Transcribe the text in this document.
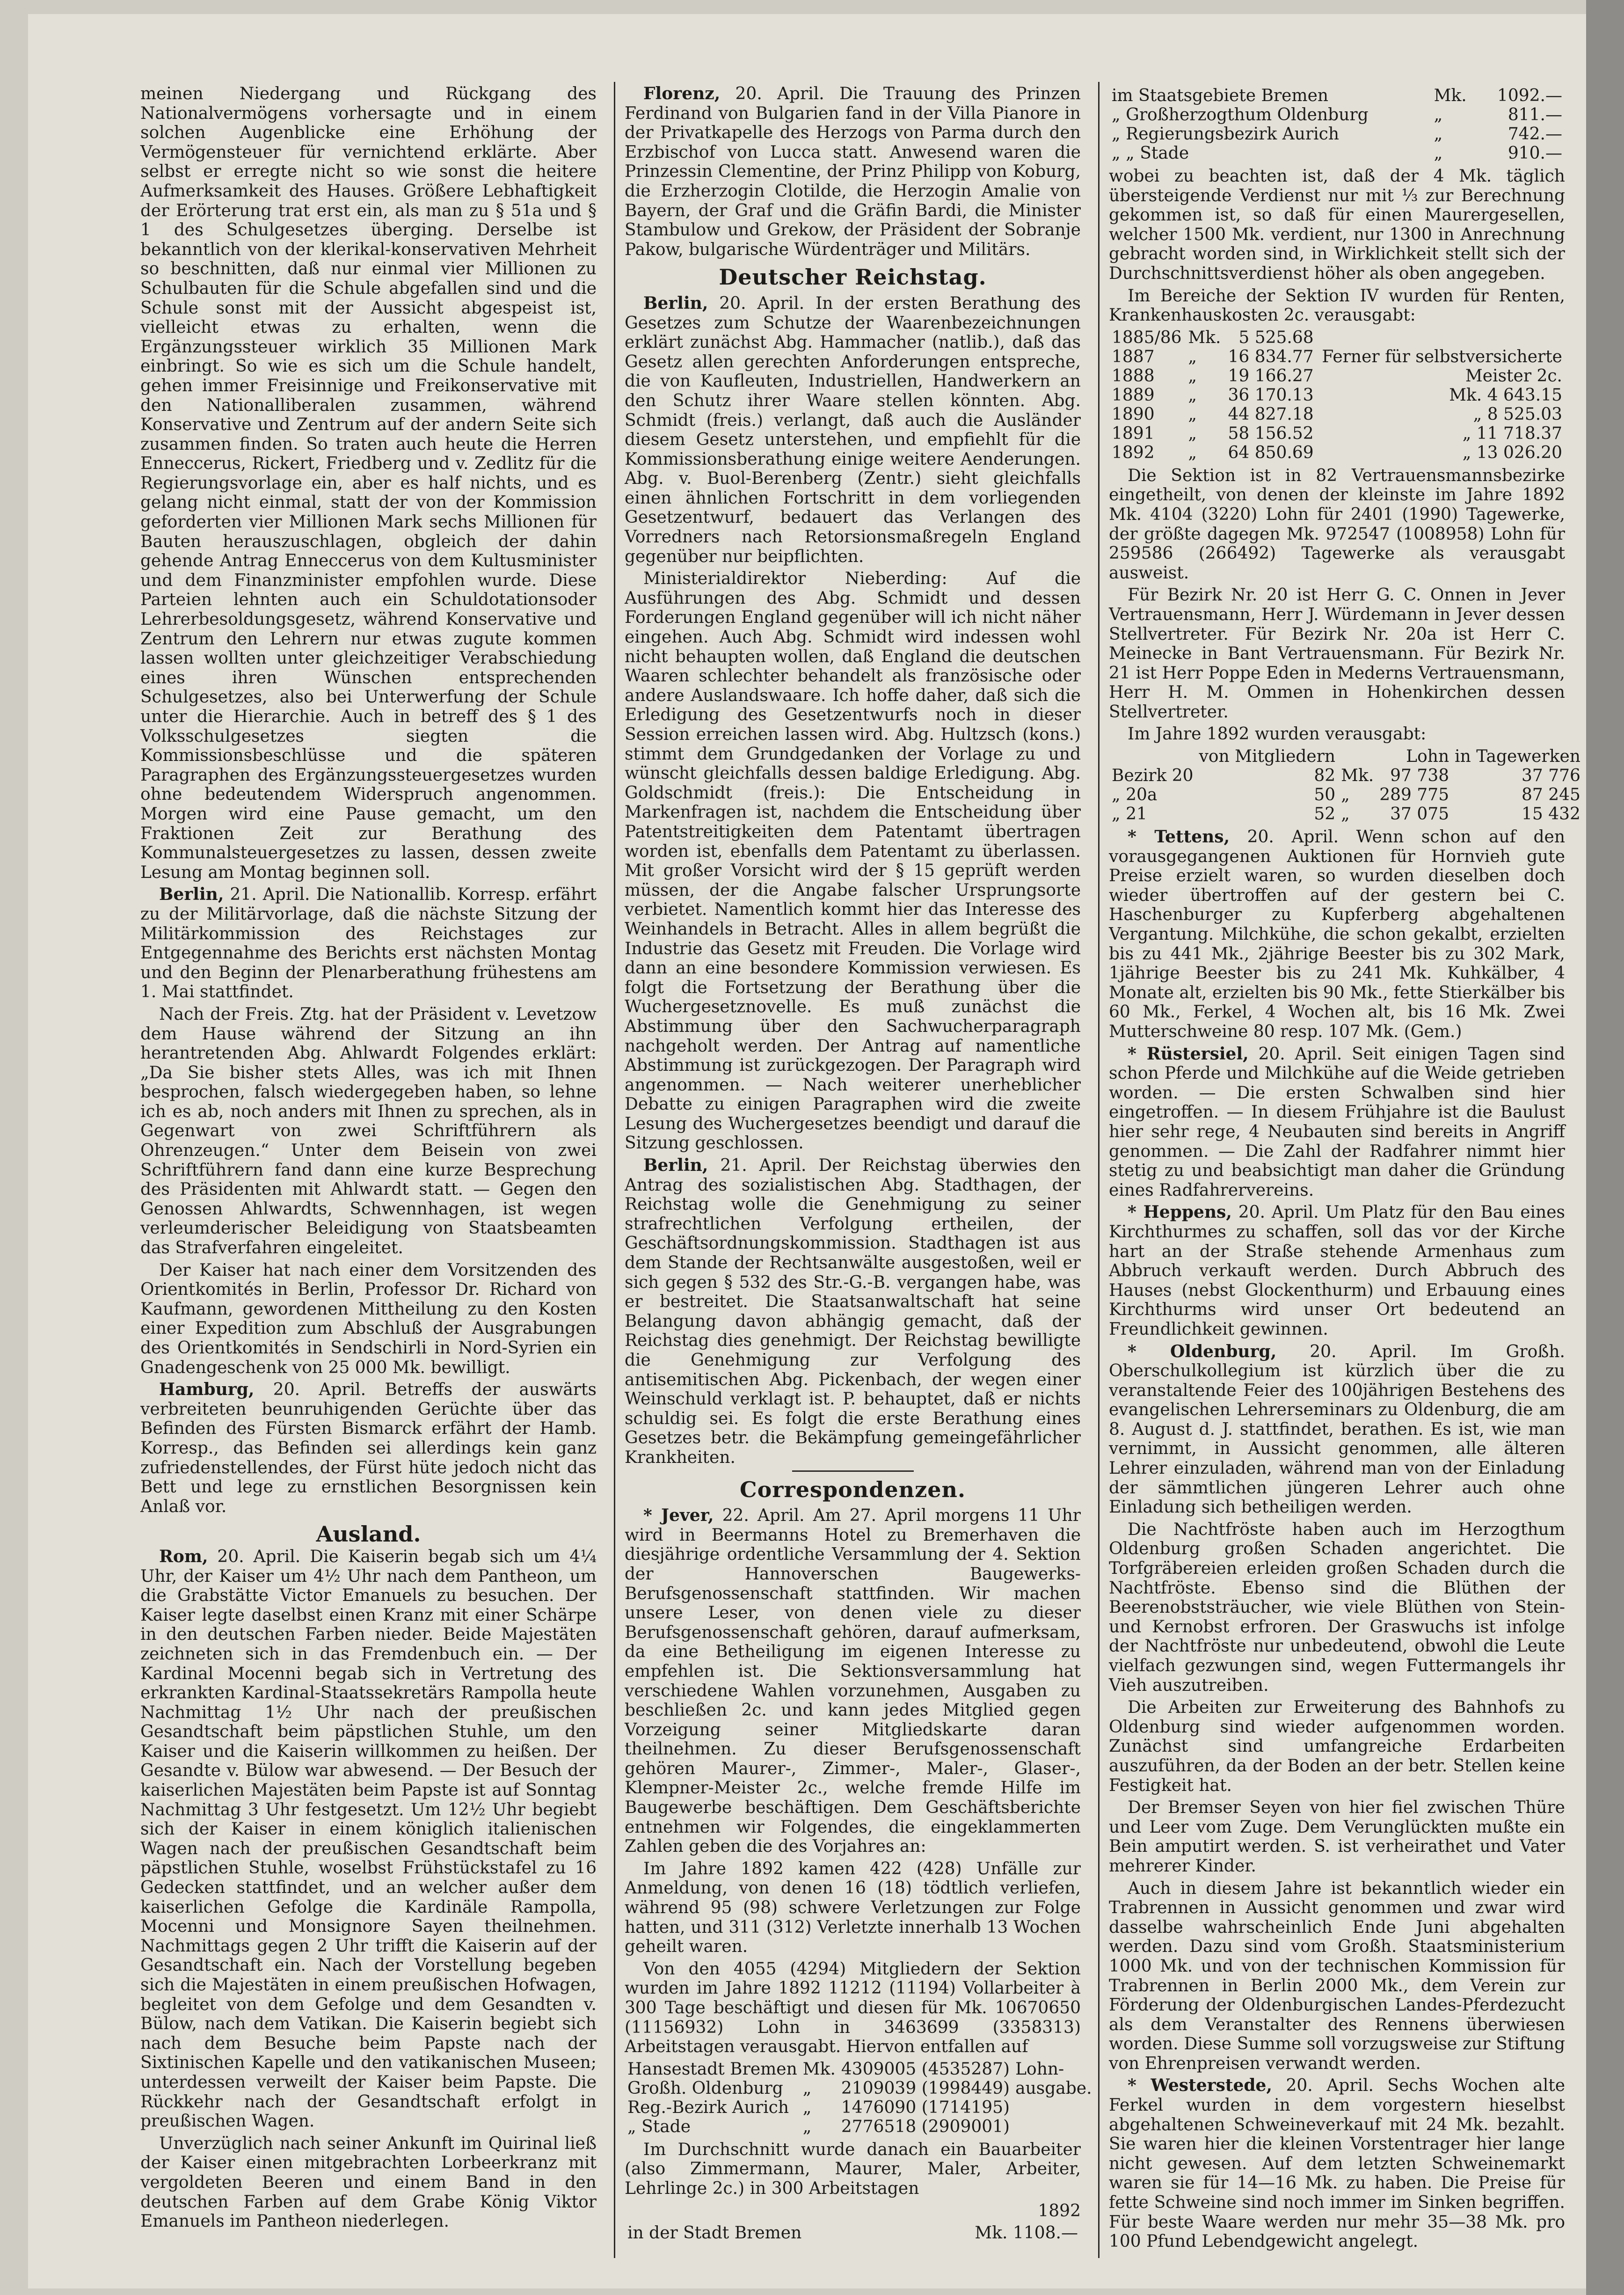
meinen Niedergang und Rückgang des Nationalvermögens vorhersagte und in einem solchen Augenblicke eine Erhöhung der Vermögensteuer für vernichtend erklärte. Aber selbst er erregte nicht so wie sonst die heitere Aufmerksamkeit des Hauses. Größere Lebhaftigkeit der Erörterung trat erst ein, als man zu § 51a und § 1 des Schulgesetzes überging. Derselbe ist bekanntlich von der klerikal-konservativen Mehrheit so beschnitten, daß nur einmal vier Millionen zu Schulbauten für die Schule abgefallen sind und die Schule sonst mit der Aussicht abgespeist ist, vielleicht etwas zu erhalten, wenn die Ergänzungssteuer wirklich 35 Millionen Mark einbringt. So wie es sich um die Schule handelt, gehen immer Freisinnige und Freikonservative mit den Nationalliberalen zusammen, während Konservative und Zentrum auf der andern Seite sich zusammen finden. So traten auch heute die Herren Enneccerus, Rickert, Friedberg und v. Zedlitz für die Regierungsvorlage ein, aber es half nichts, und es gelang nicht einmal, statt der von der Kommission geforderten vier Millionen Mark sechs Millionen für Bauten herauszuschlagen, obgleich der dahin gehende Antrag Enneccerus von dem Kultusminister und dem Finanzminister empfohlen wurde. Diese Parteien lehnten auch ein Schuldotationsoder Lehrerbesoldungsgesetz, während Konservative und Zentrum den Lehrern nur etwas zugute kommen lassen wollten unter gleichzeitiger Verabschiedung eines ihren Wünschen entsprechenden Schulgesetzes, also bei Unterwerfung der Schule unter die Hierarchie. Auch in betreff des § 1 des Volksschulgesetzes siegten die Kommissionsbeschlüsse und die späteren Paragraphen des Ergänzungssteuergesetzes wurden ohne bedeutendem Widerspruch angenommen. Morgen wird eine Pause gemacht, um den Fraktionen Zeit zur Berathung des Kommunalsteuergesetzes zu lassen, dessen zweite Lesung am Montag beginnen soll.

Berlin, 21. April. Die Nationallib. Korresp. erfährt zu der Militärvorlage, daß die nächste Sitzung der Militärkommission des Reichstages zur Entgegennahme des Berichts erst nächsten Montag und den Beginn der Plenarberathung frühestens am 1. Mai stattfindet.

Nach der Freis. Ztg. hat der Präsident v. Levetzow dem Hause während der Sitzung an ihn herantretenden Abg. Ahlwardt Folgendes erklärt: „Da Sie bisher stets Alles, was ich mit Ihnen besprochen, falsch wiedergegeben haben, so lehne ich es ab, noch anders mit Ihnen zu sprechen, als in Gegenwart von zwei Schriftführern als Ohrenzeugen.“ Unter dem Beisein von zwei Schriftführern fand dann eine kurze Besprechung des Präsidenten mit Ahlwardt statt. — Gegen den Genossen Ahlwardts, Schwennhagen, ist wegen verleumderischer Beleidigung von Staatsbeamten das Strafverfahren eingeleitet.

Der Kaiser hat nach einer dem Vorsitzenden des Orientkomités in Berlin, Professor Dr. Richard von Kaufmann, gewordenen Mittheilung zu den Kosten einer Expedition zum Abschluß der Ausgrabungen des Orientkomités in Sendschirli in Nord-Syrien ein Gnadengeschenk von 25 000 Mk. bewilligt.

Hamburg, 20. April. Betreffs der auswärts verbreiteten beunruhigenden Gerüchte über das Befinden des Fürsten Bismarck erfährt der Hamb. Korresp., das Befinden sei allerdings kein ganz zufriedenstellendes, der Fürst hüte jedoch nicht das Bett und lege zu ernstlichen Besorgnissen kein Anlaß vor.

Ausland.

Rom, 20. April. Die Kaiserin begab sich um 4¼ Uhr, der Kaiser um 4½ Uhr nach dem Pantheon, um die Grabstätte Victor Emanuels zu besuchen. Der Kaiser legte daselbst einen Kranz mit einer Schärpe in den deutschen Farben nieder. Beide Majestäten zeichneten sich in das Fremdenbuch ein. — Der Kardinal Mocenni begab sich in Vertretung des erkrankten Kardinal-Staatssekretärs Rampolla heute Nachmittag 1½ Uhr nach der preußischen Gesandtschaft beim päpstlichen Stuhle, um den Kaiser und die Kaiserin willkommen zu heißen. Der Gesandte v. Bülow war abwesend. — Der Besuch der kaiserlichen Majestäten beim Papste ist auf Sonntag Nachmittag 3 Uhr festgesetzt. Um 12½ Uhr begiebt sich der Kaiser in einem königlich italienischen Wagen nach der preußischen Gesandtschaft beim päpstlichen Stuhle, woselbst Frühstückstafel zu 16 Gedecken stattfindet, und an welcher außer dem kaiserlichen Gefolge die Kardinäle Rampolla, Mocenni und Monsignore Sayen theilnehmen. Nachmittags gegen 2 Uhr trifft die Kaiserin auf der Gesandtschaft ein. Nach der Vorstellung begeben sich die Majestäten in einem preußischen Hofwagen, begleitet von dem Gefolge und dem Gesandten v. Bülow, nach dem Vatikan. Die Kaiserin begiebt sich nach dem Besuche beim Papste nach der Sixtinischen Kapelle und den vatikanischen Museen; unterdessen verweilt der Kaiser beim Papste. Die Rückkehr nach der Gesandtschaft erfolgt in preußischen Wagen.

Unverzüglich nach seiner Ankunft im Quirinal ließ der Kaiser einen mitgebrachten Lorbeerkranz mit vergoldeten Beeren und einem Band in den deutschen Farben auf dem Grabe König Viktor Emanuels im Pantheon niederlegen.

Florenz, 20. April. Die Trauung des Prinzen Ferdinand von Bulgarien fand in der Villa Pianore in der Privatkapelle des Herzogs von Parma durch den Erzbischof von Lucca statt. Anwesend waren die Prinzessin Clementine, der Prinz Philipp von Koburg, die Erzherzogin Clotilde, die Herzogin Amalie von Bayern, der Graf und die Gräfin Bardi, die Minister Stambulow und Grekow, der Präsident der Sobranje Pakow, bulgarische Würdenträger und Militärs.

Deutscher Reichstag.

Berlin, 20. April. In der ersten Berathung des Gesetzes zum Schutze der Waarenbezeichnungen erklärt zunächst Abg. Hammacher (natlib.), daß das Gesetz allen gerechten Anforderungen entspreche, die von Kaufleuten, Industriellen, Handwerkern an den Schutz ihrer Waare stellen könnten. Abg. Schmidt (freis.) verlangt, daß auch die Ausländer diesem Gesetz unterstehen, und empfiehlt für die Kommissionsberathung einige weitere Aenderungen. Abg. v. Buol-Berenberg (Zentr.) sieht gleichfalls einen ähnlichen Fortschritt in dem vorliegenden Gesetzentwurf, bedauert das Verlangen des Vorredners nach Retorsionsmaßregeln England gegenüber nur beipflichten.

Ministerialdirektor Nieberding: Auf die Ausführungen des Abg. Schmidt und dessen Forderungen England gegenüber will ich nicht näher eingehen. Auch Abg. Schmidt wird indessen wohl nicht behaupten wollen, daß England die deutschen Waaren schlechter behandelt als französische oder andere Auslandswaare. Ich hoffe daher, daß sich die Erledigung des Gesetzentwurfs noch in dieser Session erreichen lassen wird. Abg. Hultzsch (kons.) stimmt dem Grundgedanken der Vorlage zu und wünscht gleichfalls dessen baldige Erledigung. Abg. Goldschmidt (freis.): Die Entscheidung in Markenfragen ist, nachdem die Entscheidung über Patentstreitigkeiten dem Patentamt übertragen worden ist, ebenfalls dem Patentamt zu überlassen. Mit großer Vorsicht wird der § 15 geprüft werden müssen, der die Angabe falscher Ursprungsorte verbietet. Namentlich kommt hier das Interesse des Weinhandels in Betracht. Alles in allem begrüßt die Industrie das Gesetz mit Freuden. Die Vorlage wird dann an eine besondere Kommission verwiesen. Es folgt die Fortsetzung der Berathung über die Wuchergesetznovelle. Es muß zunächst die Abstimmung über den Sachwucherparagraph nachgeholt werden. Der Antrag auf namentliche Abstimmung ist zurückgezogen. Der Paragraph wird angenommen. — Nach weiterer unerheblicher Debatte zu einigen Paragraphen wird die zweite Lesung des Wuchergesetzes beendigt und darauf die Sitzung geschlossen.

Berlin, 21. April. Der Reichstag überwies den Antrag des sozialistischen Abg. Stadthagen, der Reichstag wolle die Genehmigung zu seiner strafrechtlichen Verfolgung ertheilen, der Geschäftsordnungskommission. Stadthagen ist aus dem Stande der Rechtsanwälte ausgestoßen, weil er sich gegen § 532 des Str.-G.-B. vergangen habe, was er bestreitet. Die Staatsanwaltschaft hat seine Belangung davon abhängig gemacht, daß der Reichstag dies genehmigt. Der Reichstag bewilligte die Genehmigung zur Verfolgung des antisemitischen Abg. Pickenbach, der wegen einer Weinschuld verklagt ist. P. behauptet, daß er nichts schuldig sei. Es folgt die erste Berathung eines Gesetzes betr. die Bekämpfung gemeingefährlicher Krankheiten.

Correspondenzen.

* Jever, 22. April. Am 27. April morgens 11 Uhr wird in Beermanns Hotel zu Bremerhaven die diesjährige ordentliche Versammlung der 4. Sektion der Hannoverschen Baugewerks-Berufsgenossenschaft stattfinden. Wir machen unsere Leser, von denen viele zu dieser Berufsgenossenschaft gehören, darauf aufmerksam, da eine Betheiligung im eigenen Interesse zu empfehlen ist. Die Sektionsversammlung hat verschiedene Wahlen vorzunehmen, Ausgaben zu beschließen 2c. und kann jedes Mitglied gegen Vorzeigung seiner Mitgliedskarte daran theilnehmen. Zu dieser Berufsgenossenschaft gehören Maurer-, Zimmer-, Maler-, Glaser-, Klempner-Meister 2c., welche fremde Hilfe im Baugewerbe beschäftigen. Dem Geschäftsberichte entnehmen wir Folgendes, die eingeklammerten Zahlen geben die des Vorjahres an:

Im Jahre 1892 kamen 422 (428) Unfälle zur Anmeldung, von denen 16 (18) tödtlich verliefen, während 95 (98) schwere Verletzungen zur Folge hatten, und 311 (312) Verletzte innerhalb 13 Wochen geheilt waren.

Von den 4055 (4294) Mitgliedern der Sektion wurden im Jahre 1892 11212 (11194) Vollarbeiter à 300 Tage beschäftigt und diesen für Mk. 10670650 (11156932) Lohn in 3463699 (3358313) Arbeitstagen verausgabt. Hiervon entfallen auf

Hansestadt Bremen	Mk.	4309005 (4535287)	Lohn-
Großh. Oldenburg	„	2109039 (1998449)	ausgabe.
Reg.-Bezirk Aurich	„	1476090 (1714195)	
„ Stade	„	2776518 (2909001)	

Im Durchschnitt wurde danach ein Bauarbeiter (also Zimmermann, Maurer, Maler, Arbeiter, Lehrlinge 2c.) in 300 Arbeitstagen

1892

in der Stadt Bremen	Mk. 1108.—
im Staatsgebiete Bremen	Mk.	1092.—
„ Großherzogthum Oldenburg	„	811.—
„ Regierungsbezirk Aurich	„	742.—
„ „ Stade	„	910.—

wobei zu beachten ist, daß der 4 Mk. täglich übersteigende Verdienst nur mit ⅓ zur Berechnung gekommen ist, so daß für einen Maurergesellen, welcher 1500 Mk. verdient, nur 1300 in Anrechnung gebracht worden sind, in Wirklichkeit stellt sich der Durchschnittsverdienst höher als oben angegeben.

Im Bereiche der Sektion IV wurden für Renten, Krankenhauskosten 2c. verausgabt:

1885/86	Mk.	5 525.68	
1887	„	16 834.77	Ferner für selbstversicherte
1888	„	19 166.27	Meister 2c.
1889	„	36 170.13	Mk. 4 643.15
1890	„	44 827.18	„ 8 525.03
1891	„	58 156.52	„ 11 718.37
1892	„	64 850.69	„ 13 026.20

Die Sektion ist in 82 Vertrauensmannsbezirke eingetheilt, von denen der kleinste im Jahre 1892 Mk. 4104 (3220) Lohn für 2401 (1990) Tagewerke, der größte dagegen Mk. 972547 (1008958) Lohn für 259586 (266492) Tagewerke als verausgabt ausweist.

Für Bezirk Nr. 20 ist Herr G. C. Onnen in Jever Vertrauensmann, Herr J. Würdemann in Jever dessen Stellvertreter. Für Bezirk Nr. 20a ist Herr C. Meinecke in Bant Vertrauensmann. Für Bezirk Nr. 21 ist Herr Poppe Eden in Mederns Vertrauensmann, Herr H. M. Ommen in Hohenkirchen dessen Stellvertreter.

Im Jahre 1892 wurden verausgabt:

	von Mitgliedern		Lohn	in Tagewerken
Bezirk 20	82	Mk.	97 738	37 776
„ 20a	50	„	289 775	87 245
„ 21	52	„	37 075	15 432

* Tettens, 20. April. Wenn schon auf den vorausgegangenen Auktionen für Hornvieh gute Preise erzielt waren, so wurden dieselben doch wieder übertroffen auf der gestern bei C. Haschenburger zu Kupferberg abgehaltenen Vergantung. Milchkühe, die schon gekalbt, erzielten bis zu 441 Mk., 2jährige Beester bis zu 302 Mark, 1jährige Beester bis zu 241 Mk. Kuhkälber, 4 Monate alt, erzielten bis 90 Mk., fette Stierkälber bis 60 Mk., Ferkel, 4 Wochen alt, bis 16 Mk. Zwei Mutterschweine 80 resp. 107 Mk. (Gem.)

* Rüstersiel, 20. April. Seit einigen Tagen sind schon Pferde und Milchkühe auf die Weide getrieben worden. — Die ersten Schwalben sind hier eingetroffen. — In diesem Frühjahre ist die Baulust hier sehr rege, 4 Neubauten sind bereits in Angriff genommen. — Die Zahl der Radfahrer nimmt hier stetig zu und beabsichtigt man daher die Gründung eines Radfahrervereins.

* Heppens, 20. April. Um Platz für den Bau eines Kirchthurmes zu schaffen, soll das vor der Kirche hart an der Straße stehende Armenhaus zum Abbruch verkauft werden. Durch Abbruch des Hauses (nebst Glockenthurm) und Erbauung eines Kirchthurms wird unser Ort bedeutend an Freundlichkeit gewinnen.

* Oldenburg, 20. April. Im Großh. Oberschulkollegium ist kürzlich über die zu veranstaltende Feier des 100jährigen Bestehens des evangelischen Lehrerseminars zu Oldenburg, die am 8. August d. J. stattfindet, berathen. Es ist, wie man vernimmt, in Aussicht genommen, alle älteren Lehrer einzuladen, während man von der Einladung der sämmtlichen jüngeren Lehrer auch ohne Einladung sich betheiligen werden.

Die Nachtfröste haben auch im Herzogthum Oldenburg großen Schaden angerichtet. Die Torfgräbereien erleiden großen Schaden durch die Nachtfröste. Ebenso sind die Blüthen der Beerenobststräucher, wie viele Blüthen von Stein- und Kernobst erfroren. Der Graswuchs ist infolge der Nachtfröste nur unbedeutend, obwohl die Leute vielfach gezwungen sind, wegen Futtermangels ihr Vieh auszutreiben.

Die Arbeiten zur Erweiterung des Bahnhofs zu Oldenburg sind wieder aufgenommen worden. Zunächst sind umfangreiche Erdarbeiten auszuführen, da der Boden an der betr. Stellen keine Festigkeit hat.

Der Bremser Seyen von hier fiel zwischen Thüre und Leer vom Zuge. Dem Verunglückten mußte ein Bein amputirt werden. S. ist verheirathet und Vater mehrerer Kinder.

Auch in diesem Jahre ist bekanntlich wieder ein Trabrennen in Aussicht genommen und zwar wird dasselbe wahrscheinlich Ende Juni abgehalten werden. Dazu sind vom Großh. Staatsministerium 1000 Mk. und von der technischen Kommission für Trabrennen in Berlin 2000 Mk., dem Verein zur Förderung der Oldenburgischen Landes-Pferdezucht als dem Veranstalter des Rennens überwiesen worden. Diese Summe soll vorzugsweise zur Stiftung von Ehrenpreisen verwandt werden.

* Westerstede, 20. April. Sechs Wochen alte Ferkel wurden in dem vorgestern hieselbst abgehaltenen Schweineverkauf mit 24 Mk. bezahlt. Sie waren hier die kleinen Vorstentrager hier lange nicht gewesen. Auf dem letzten Schweinemarkt waren sie für 14—16 Mk. zu haben. Die Preise für fette Schweine sind noch immer im Sinken begriffen. Für beste Waare werden nur mehr 35—38 Mk. pro 100 Pfund Lebendgewicht angelegt.
